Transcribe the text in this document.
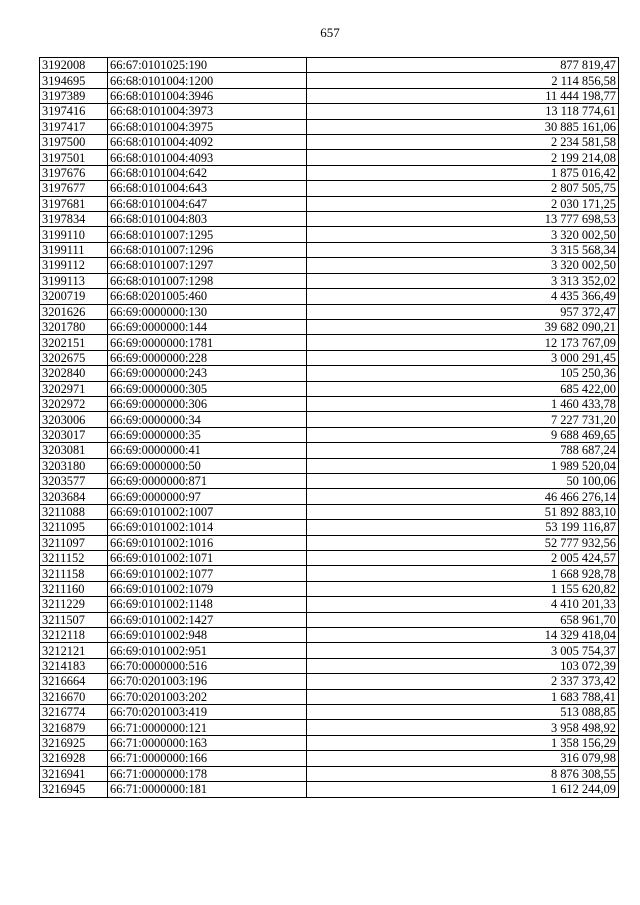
657
3192008	66:67:0101025:190	877 819,47
3194695	66:68:0101004:1200	2 114 856,58
3197389	66:68:0101004:3946	11 444 198,77
3197416	66:68:0101004:3973	13 118 774,61
3197417	66:68:0101004:3975	30 885 161,06
3197500	66:68:0101004:4092	2 234 581,58
3197501	66:68:0101004:4093	2 199 214,08
3197676	66:68:0101004:642	1 875 016,42
3197677	66:68:0101004:643	2 807 505,75
3197681	66:68:0101004:647	2 030 171,25
3197834	66:68:0101004:803	13 777 698,53
3199110	66:68:0101007:1295	3 320 002,50
3199111	66:68:0101007:1296	3 315 568,34
3199112	66:68:0101007:1297	3 320 002,50
3199113	66:68:0101007:1298	3 313 352,02
3200719	66:68:0201005:460	4 435 366,49
3201626	66:69:0000000:130	957 372,47
3201780	66:69:0000000:144	39 682 090,21
3202151	66:69:0000000:1781	12 173 767,09
3202675	66:69:0000000:228	3 000 291,45
3202840	66:69:0000000:243	105 250,36
3202971	66:69:0000000:305	685 422,00
3202972	66:69:0000000:306	1 460 433,78
3203006	66:69:0000000:34	7 227 731,20
3203017	66:69:0000000:35	9 688 469,65
3203081	66:69:0000000:41	788 687,24
3203180	66:69:0000000:50	1 989 520,04
3203577	66:69:0000000:871	50 100,06
3203684	66:69:0000000:97	46 466 276,14
3211088	66:69:0101002:1007	51 892 883,10
3211095	66:69:0101002:1014	53 199 116,87
3211097	66:69:0101002:1016	52 777 932,56
3211152	66:69:0101002:1071	2 005 424,57
3211158	66:69:0101002:1077	1 668 928,78
3211160	66:69:0101002:1079	1 155 620,82
3211229	66:69:0101002:1148	4 410 201,33
3211507	66:69:0101002:1427	658 961,70
3212118	66:69:0101002:948	14 329 418,04
3212121	66:69:0101002:951	3 005 754,37
3214183	66:70:0000000:516	103 072,39
3216664	66:70:0201003:196	2 337 373,42
3216670	66:70:0201003:202	1 683 788,41
3216774	66:70:0201003:419	513 088,85
3216879	66:71:0000000:121	3 958 498,92
3216925	66:71:0000000:163	1 358 156,29
3216928	66:71:0000000:166	316 079,98
3216941	66:71:0000000:178	8 876 308,55
3216945	66:71:0000000:181	1 612 244,09
